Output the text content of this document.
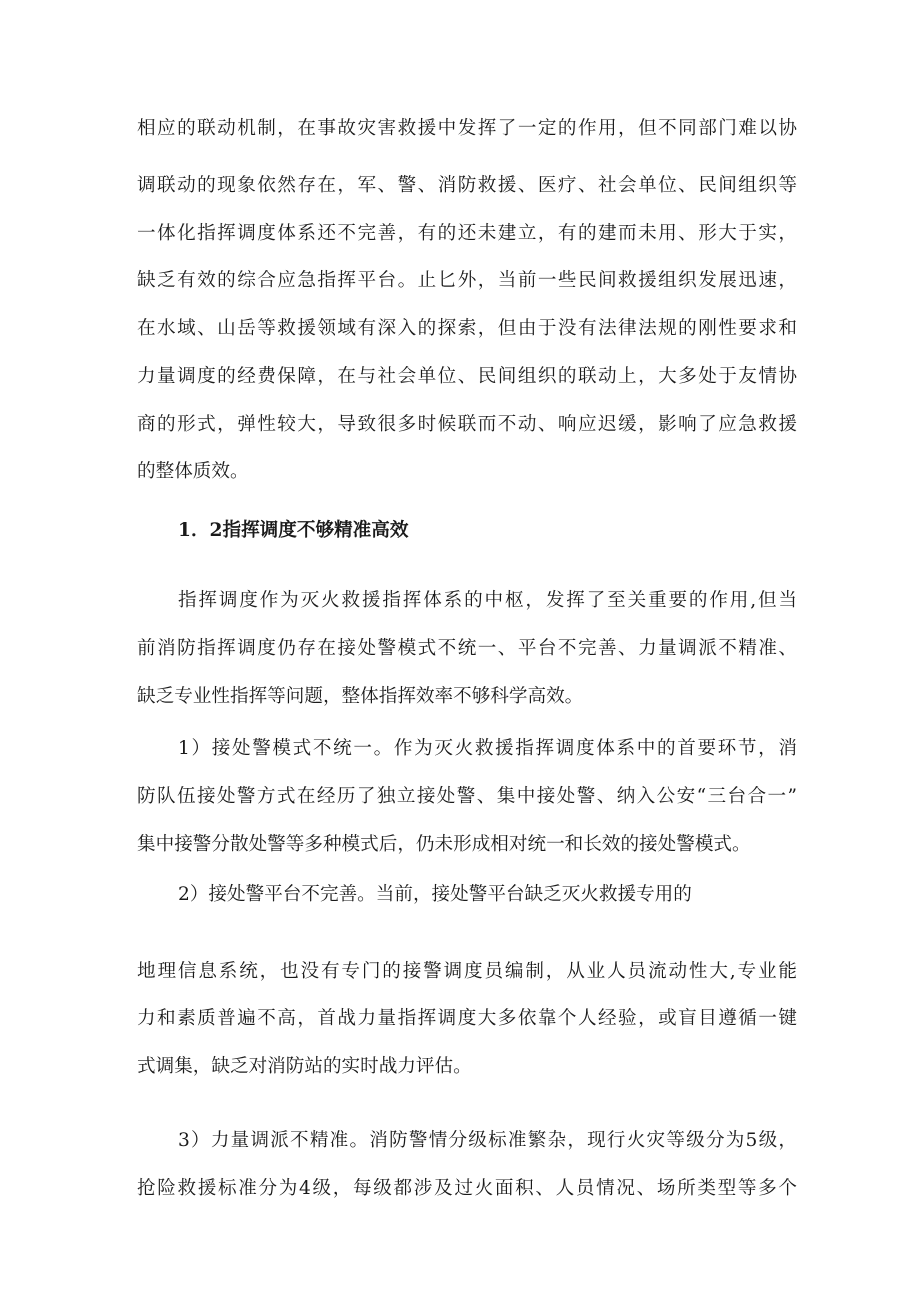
相应的联动机制，在事故灾害救援中发挥了一定的作用，但不同部门难以协
调联动的现象依然存在，军、警、消防救援、医疗、社会单位、民间组织等
一体化指挥调度体系还不完善，有的还未建立，有的建而未用、形大于实，
缺乏有效的综合应急指挥平台。止匕外，当前一些民间救援组织发展迅速，
在水域、山岳等救援领域有深入的探索，但由于没有法律法规的刚性要求和
力量调度的经费保障，在与社会单位、民间组织的联动上，大多处于友情协
商的形式，弹性较大，导致很多时候联而不动、响应迟缓，影响了应急救援
的整体质效。
1．2指挥调度不够精准高效
指挥调度作为灭火救援指挥体系的中枢，发挥了至关重要的作用,但当
前消防指挥调度仍存在接处警模式不统一、平台不完善、力量调派不精准、
缺乏专业性指挥等问题，整体指挥效率不够科学高效。
1）接处警模式不统一。作为灭火救援指挥调度体系中的首要环节，消
防队伍接处警方式在经历了独立接处警、集中接处警、纳入公安“三台合一”
集中接警分散处警等多种模式后，仍未形成相对统一和长效的接处警模式。
2）接处警平台不完善。当前，接处警平台缺乏灭火救援专用的
地理信息系统，也没有专门的接警调度员编制，从业人员流动性大,专业能
力和素质普遍不高，首战力量指挥调度大多依靠个人经验，或盲目遵循一键
式调集，缺乏对消防站的实时战力评估。
3）力量调派不精准。消防警情分级标准繁杂，现行火灾等级分为5级，
抢险救援标准分为4级，每级都涉及过火面积、人员情况、场所类型等多个
